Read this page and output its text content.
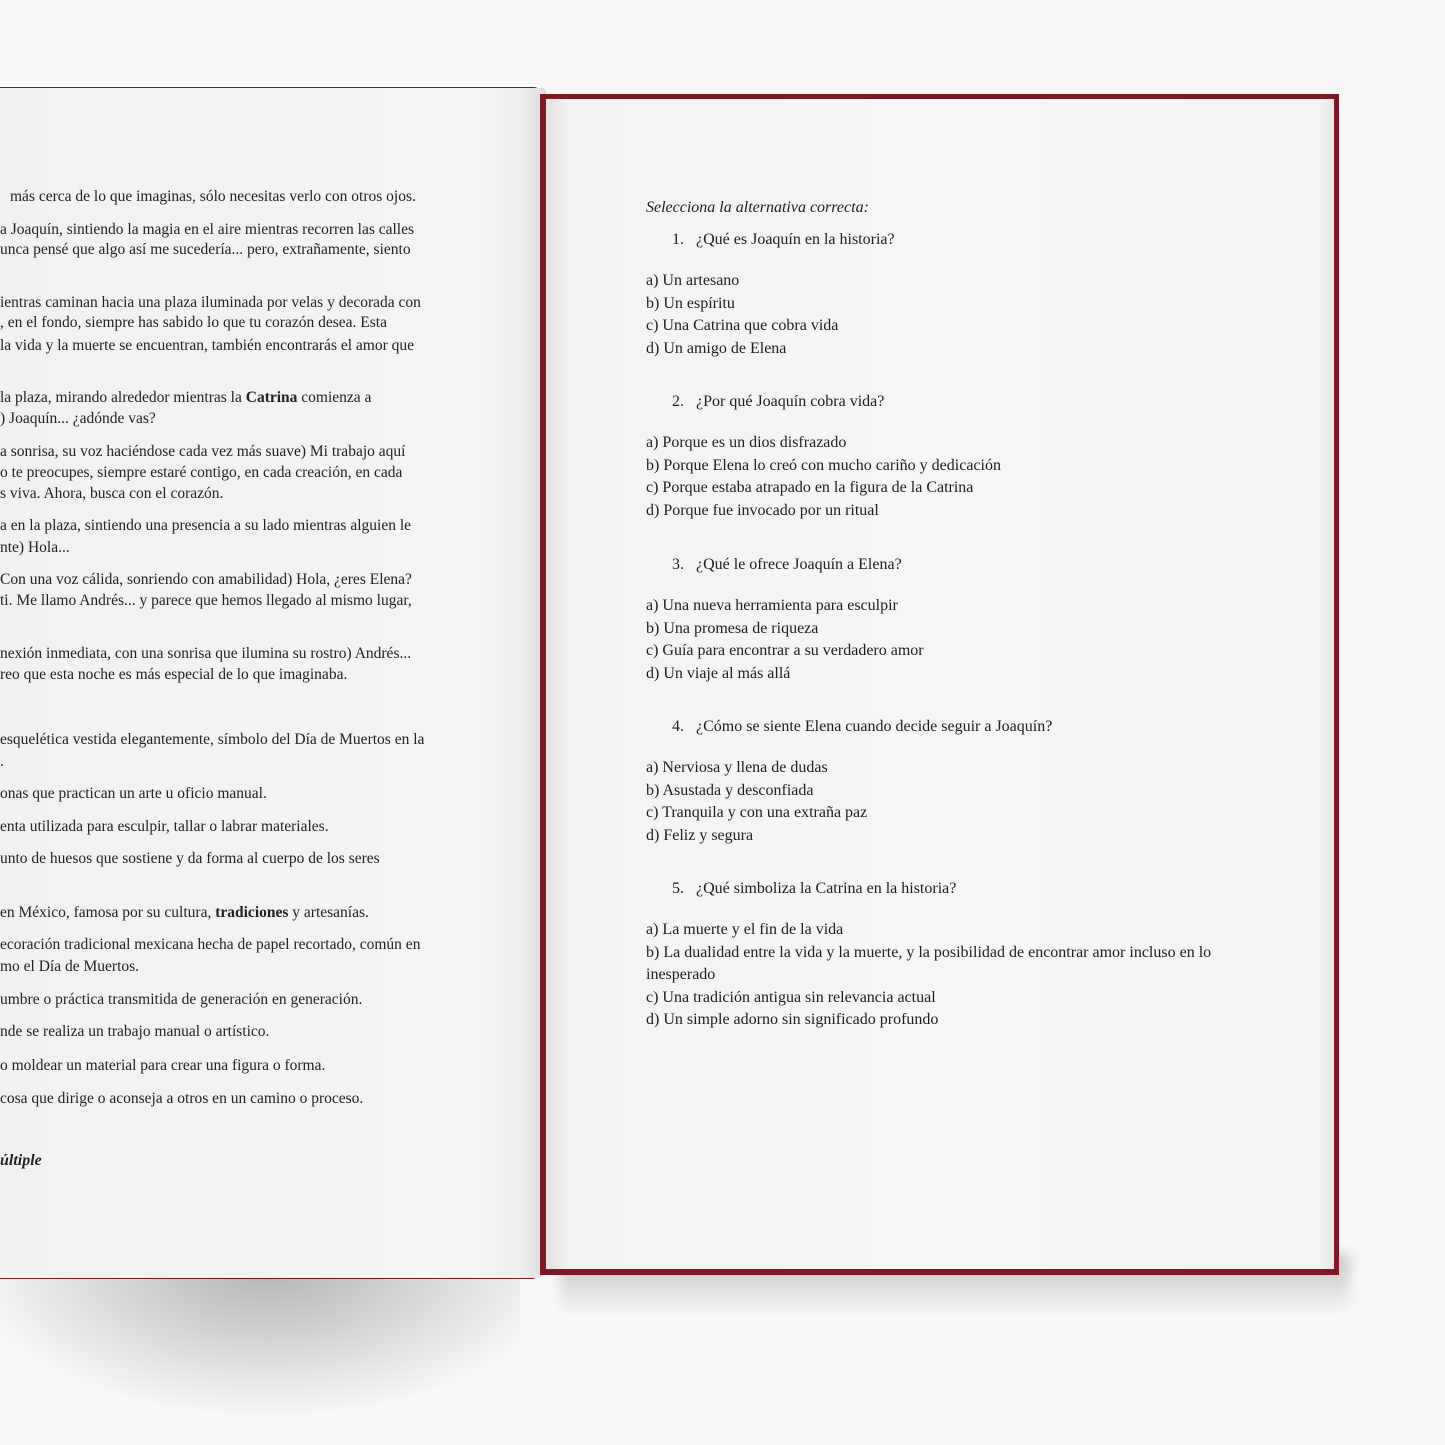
más cerca de lo que imaginas, sólo necesitas verlo con otros ojos.
a Joaquín, sintiendo la magia en el aire mientras recorren las calles
unca pensé que algo así me sucedería... pero, extrañamente, siento
ientras caminan hacia una plaza iluminada por velas y decorada con
, en el fondo, siempre has sabido lo que tu corazón desea. Esta
la vida y la muerte se encuentran, también encontrarás el amor que
la plaza, mirando alrededor mientras la Catrina comienza a
) Joaquín... ¿adónde vas?
a sonrisa, su voz haciéndose cada vez más suave) Mi trabajo aquí
o te preocupes, siempre estaré contigo, en cada creación, en cada
s viva. Ahora, busca con el corazón.
a en la plaza, sintiendo una presencia a su lado mientras alguien le
nte) Hola...
Con una voz cálida, sonriendo con amabilidad) Hola, ¿eres Elena?
ti. Me llamo Andrés... y parece que hemos llegado al mismo lugar,
nexión inmediata, con una sonrisa que ilumina su rostro) Andrés...
reo que esta noche es más especial de lo que imaginaba.
esquelética vestida elegantemente, símbolo del Día de Muertos en la
.
onas que practican un arte u oficio manual.
enta utilizada para esculpir, tallar o labrar materiales.
unto de huesos que sostiene y da forma al cuerpo de los seres
en México, famosa por su cultura, tradiciones y artesanías.
ecoración tradicional mexicana hecha de papel recortado, común en
mo el Día de Muertos.
umbre o práctica transmitida de generación en generación.
nde se realiza un trabajo manual o artístico.
o moldear un material para crear una figura o forma.
cosa que dirige o aconseja a otros en un camino o proceso.
últiple
Selecciona la alternativa correcta:
1. ¿Qué es Joaquín en la historia?
a) Un artesano
b) Un espíritu
c) Una Catrina que cobra vida
d) Un amigo de Elena
2. ¿Por qué Joaquín cobra vida?
a) Porque es un dios disfrazado
b) Porque Elena lo creó con mucho cariño y dedicación
c) Porque estaba atrapado en la figura de la Catrina
d) Porque fue invocado por un ritual
3. ¿Qué le ofrece Joaquín a Elena?
a) Una nueva herramienta para esculpir
b) Una promesa de riqueza
c) Guía para encontrar a su verdadero amor
d) Un viaje al más allá
4. ¿Cómo se siente Elena cuando decide seguir a Joaquín?
a) Nerviosa y llena de dudas
b) Asustada y desconfiada
c) Tranquila y con una extraña paz
d) Feliz y segura
5. ¿Qué simboliza la Catrina en la historia?
a) La muerte y el fin de la vida
b) La dualidad entre la vida y la muerte, y la posibilidad de encontrar amor incluso en lo
inesperado
c) Una tradición antigua sin relevancia actual
d) Un simple adorno sin significado profundo
